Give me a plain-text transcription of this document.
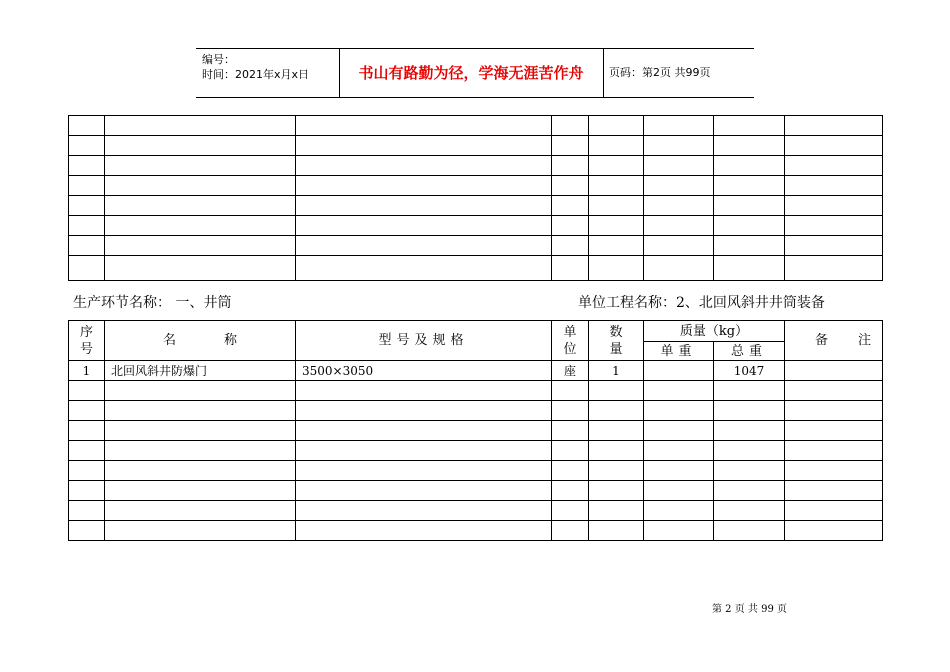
编号：
时间：2021年x月x日	书山有路勤为径，学海无涯苦作舟	页码：第2页 共99页

生产环节名称： 一、井筒	单位工程名称：2、北回风斜井井筒装备
序号	名称	型号及规格	单位	数量	质量（kg）		备注
					单重	总重	
1	北回风斜井防爆门	3500×3050	座	1		1047	

第 2 页 共 99 页
